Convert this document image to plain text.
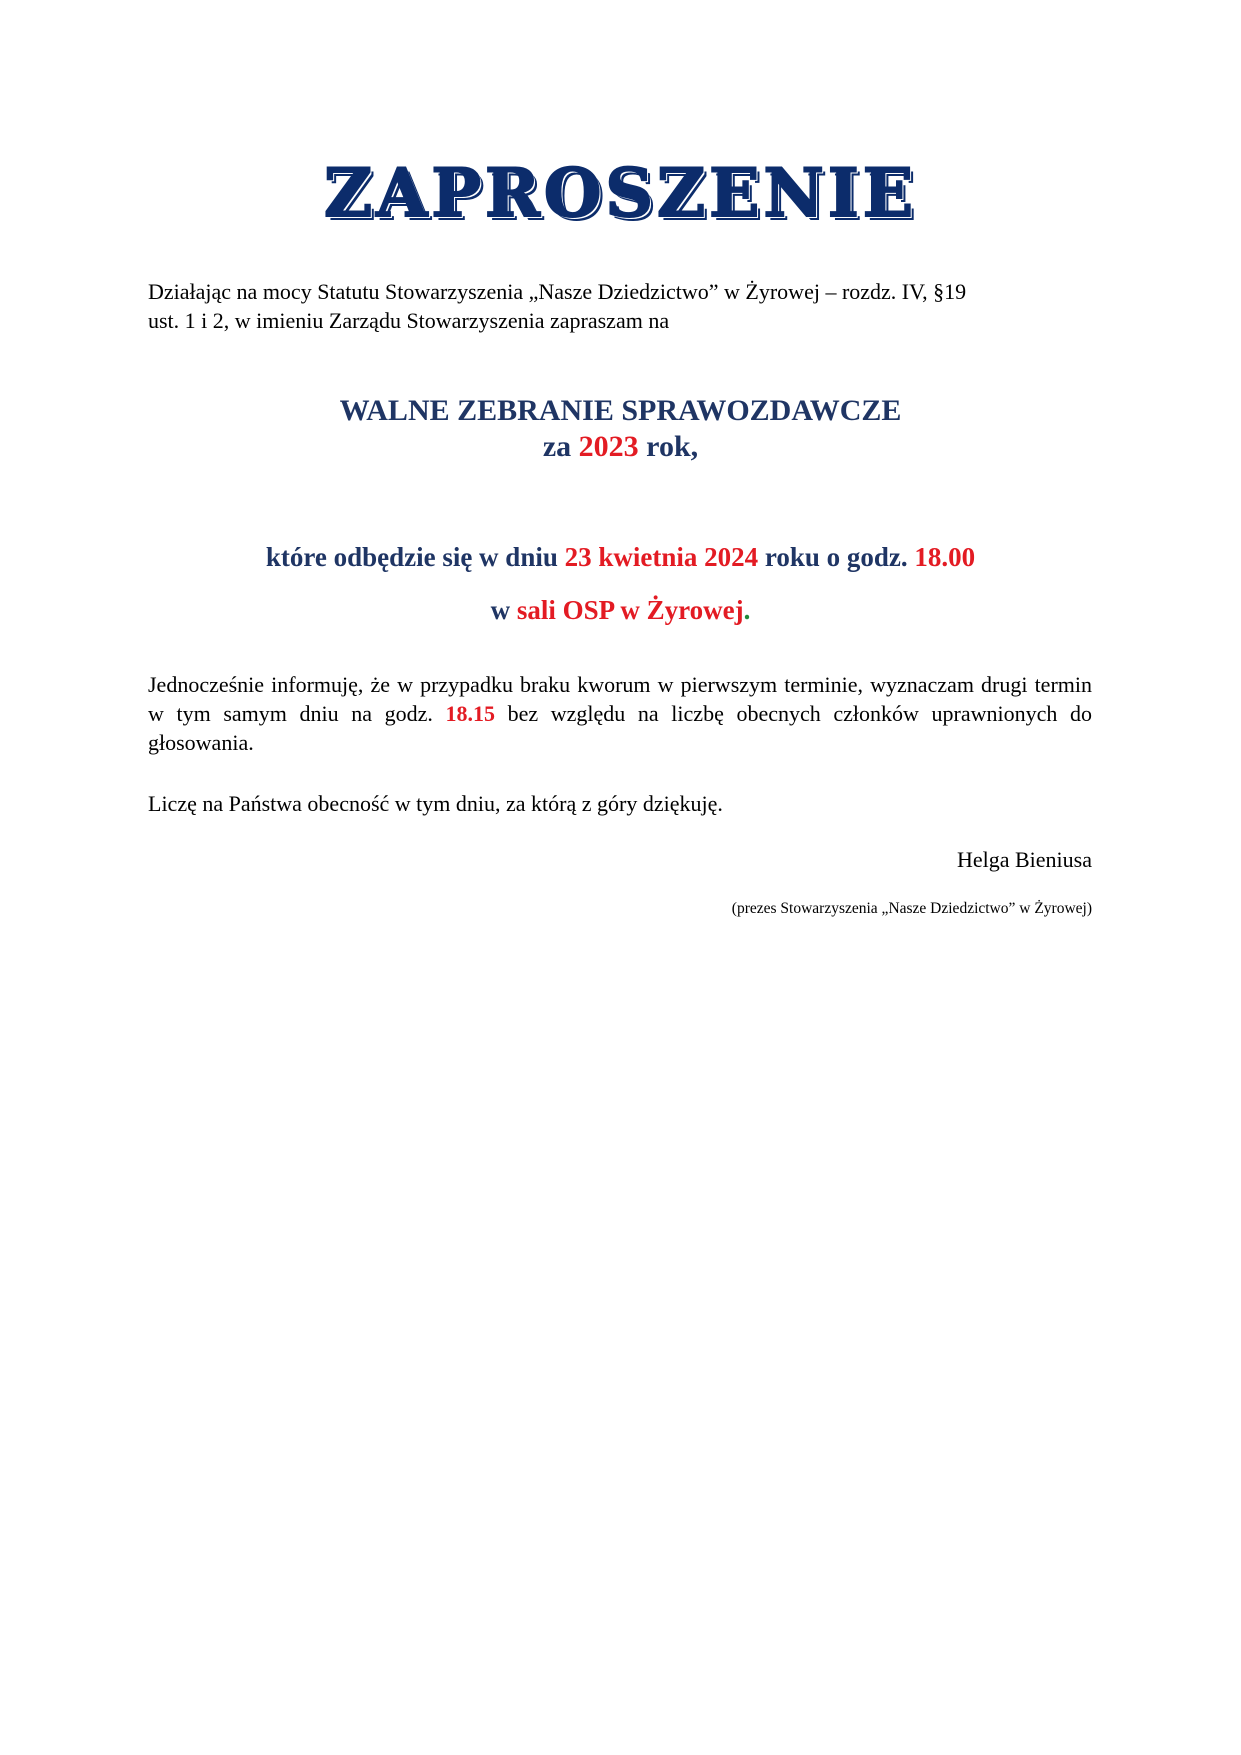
ZAPROSZENIE
Działając na mocy Statutu Stowarzyszenia „Nasze Dziedzictwo” w Żyrowej – rozdz. IV, §19
ust. 1 i 2, w imieniu Zarządu Stowarzyszenia zapraszam na
WALNE ZEBRANIE SPRAWOZDAWCZE
za 2023 rok,
które odbędzie się w dniu 23 kwietnia 2024 roku o godz. 18.00
w sali OSP w Żyrowej.
Jednocześnie informuję, że w przypadku braku kworum w pierwszym terminie, wyznaczam drugi termin w tym samym dniu na godz. 18.15 bez względu na liczbę obecnych członków uprawnionych do głosowania.
Liczę na Państwa obecność w tym dniu, za którą z góry dziękuję.
Helga Bieniusa
(prezes Stowarzyszenia „Nasze Dziedzictwo” w Żyrowej)
